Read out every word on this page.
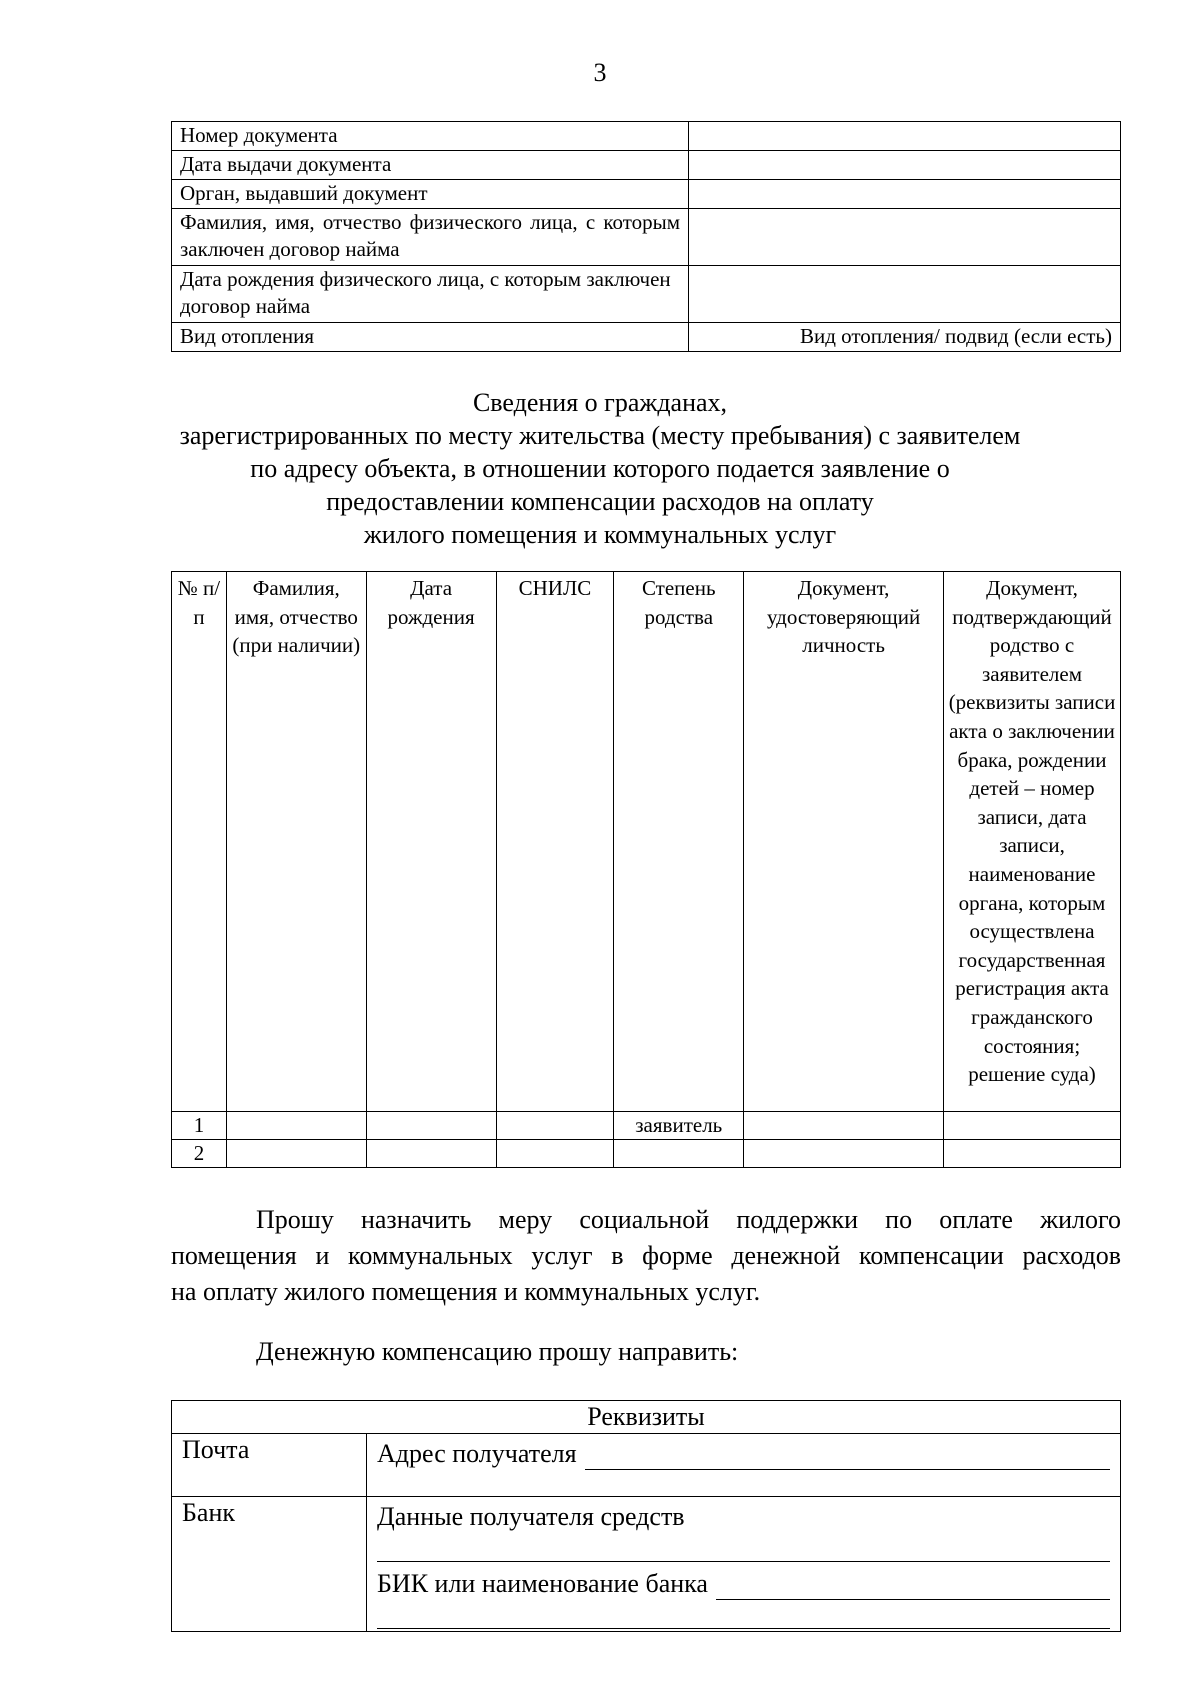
3
Номер документа	
Дата выдачи документа	
Орган, выдавший документ	
Фамилия, имя, отчество физического лица, с которым заключен договор найма	
Дата рождения физического лица, с которым заключен договор найма	
Вид отопления	Вид отопления/ подвид (если есть)
Сведения о гражданах,
зарегистрированных по месту жительства (месту пребывания) с заявителем
по адресу объекта, в отношении которого подается заявление о
предоставлении компенсации расходов на оплату
жилого помещения и коммунальных услуг
№ п/п	Фамилия, имя, отчество (при наличии)	Дата рождения	СНИЛС	Степень родства	Документ, удостоверяющий личность	Документ, подтверждающий родство с заявителем (реквизиты записи акта о заключении брака, рождении детей – номер записи, дата записи, наименование органа, которым осуществлена государственная регистрация акта гражданского состояния; решение суда)
1				заявитель		
2						
Прошу назначить меру социальной поддержки по оплате жилого
помещения и коммунальных услуг в форме денежной компенсации расходов
на оплату жилого помещения и коммунальных услуг.
Денежную компенсацию прошу направить:
Реквизиты	
Почта	Адрес получателя

Банк	Данные получателя средств
БИК или наименование банка
